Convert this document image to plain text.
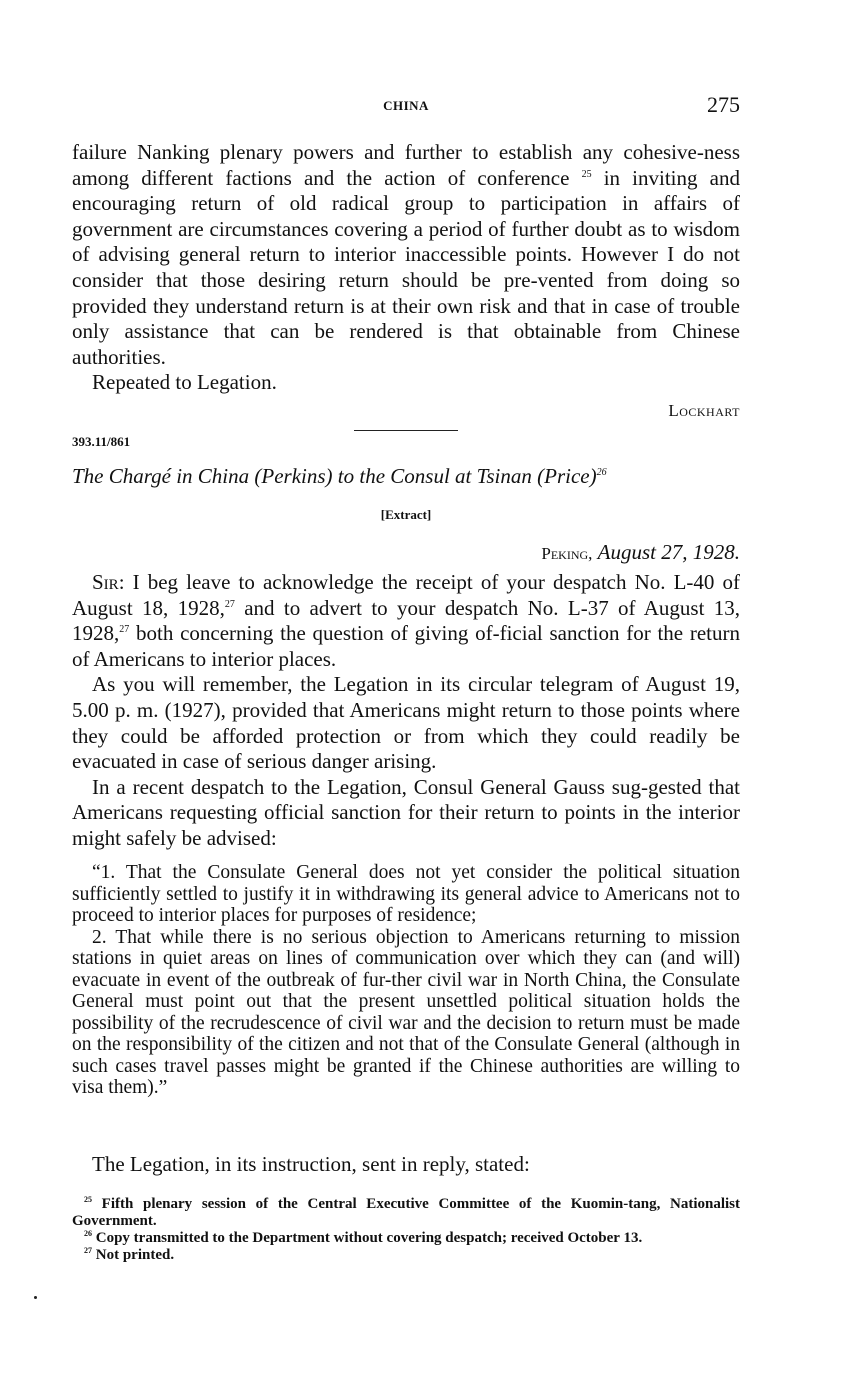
CHINA	275

failure Nanking plenary powers and further to establish any cohesive-ness among different factions and the action of conference $^{25}$ in inviting and encouraging return of old radical group to participation in affairs of government are circumstances covering a period of further doubt as to wisdom of advising general return to interior inaccessible points. However I do not consider that those desiring return should be pre-vented from doing so provided they understand return is at their own risk and that in case of trouble only assistance that can be rendered is that obtainable from Chinese authorities.

Repeated to Legation.

Lockhart

393.11/861
The Chargé in China (Perkins) to the Consul at Tsinan (Price)$^{26}$
[Extract]
Peking, August 27, 1928.

Sir: I beg leave to acknowledge the receipt of your despatch No. L-40 of August 18, 1928,27 and to advert to your despatch No. L-37 of August 13, 1928,27 both concerning the question of giving of-ficial sanction for the return of Americans to interior places.

As you will remember, the Legation in its circular telegram of August 19, 5.00 p. m. (1927), provided that Americans might return to those points where they could be afforded protection or from which they could readily be evacuated in case of serious danger arising.

In a recent despatch to the Legation, Consul General Gauss sug-gested that Americans requesting official sanction for their return to points in the interior might safely be advised:

“1. That the Consulate General does not yet consider the political situation sufficiently settled to justify it in withdrawing its general advice to Americans not to proceed to interior places for purposes of residence;

2. That while there is no serious objection to Americans returning to mission stations in quiet areas on lines of communication over which they can (and will) evacuate in event of the outbreak of fur-ther civil war in North China, the Consulate General must point out that the present unsettled political situation holds the possibility of the recrudescence of civil war and the decision to return must be made on the responsibility of the citizen and not that of the Consulate General (although in such cases travel passes might be granted if the Chinese authorities are willing to visa them).”

The Legation, in its instruction, sent in reply, stated:

$^{25}$ Fifth plenary session of the Central Executive Committee of the Kuomin-tang, Nationalist Government.

$^{26}$ Copy transmitted to the Department without covering despatch; received October 13.

$^{27}$ Not printed.
